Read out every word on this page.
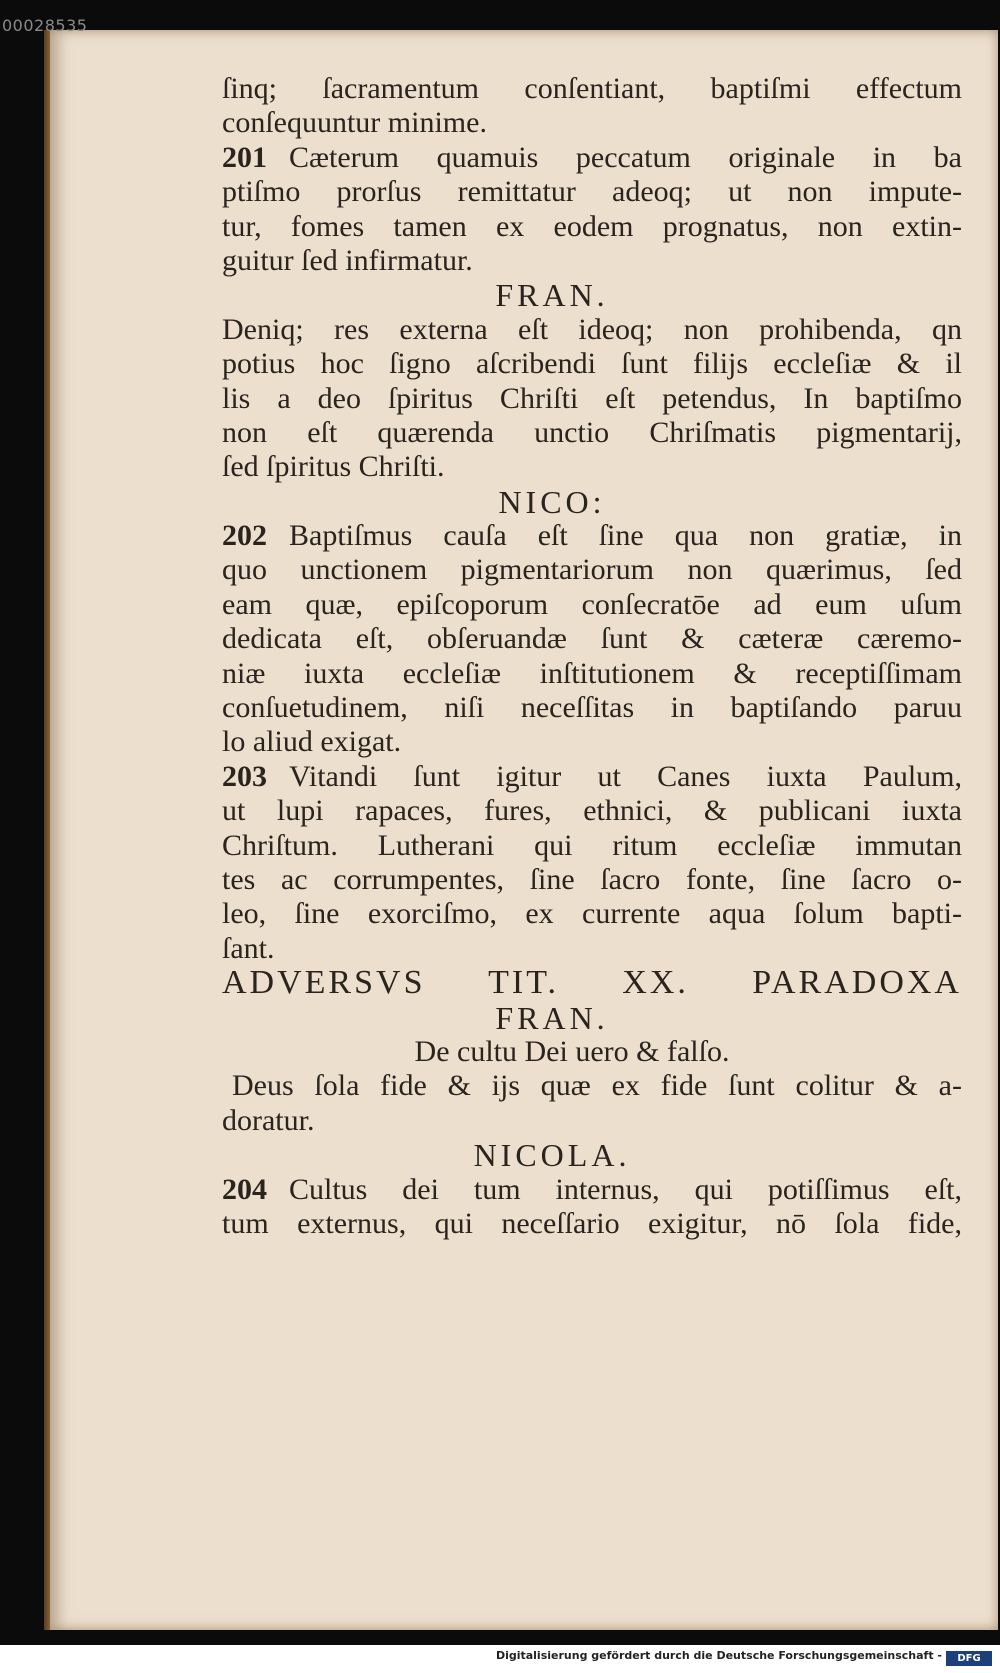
00028535
ſinq; ſacramentum conſentiant, baptiſmi effectum
conſequuntur minime.
201 Cæterum quamuis peccatum originale in ba
ptiſmo prorſus remittatur adeoq; ut non impute-
tur, fomes tamen ex eodem prognatus, non extin-
guitur ſed infirmatur.
FRAN.
Deniq; res externa eſt ideoq; non prohibenda, qn
potius hoc ſigno aſcribendi ſunt filijs eccleſiæ & il
lis a deo ſpiritus Chriſti eſt petendus, In baptiſmo
non eſt quærenda unctio Chriſmatis pigmentarij,
ſed ſpiritus Chriſti.
NICO:
202 Baptiſmus cauſa eſt ſine qua non gratiæ, in
quo unctionem pigmentariorum non quærimus, ſed
eam quæ, epiſcoporum conſecratōe ad eum uſum
dedicata eſt, obſeruandæ ſunt & cæteræ cæremo-
niæ iuxta eccleſiæ inſtitutionem & receptiſſimam
conſuetudinem, niſi neceſſitas in baptiſando paruu
lo aliud exigat.
203 Vitandi ſunt igitur ut Canes iuxta Paulum,
ut lupi rapaces, fures, ethnici, & publicani iuxta
Chriſtum. Lutherani qui ritum eccleſiæ immutan
tes ac corrumpentes, ſine ſacro fonte, ſine ſacro o-
leo, ſine exorciſmo, ex currente aqua ſolum bapti-
ſant.
ADVERSVS TIT. XX. PARADOXA
FRAN.
De cultu Dei uero & falſo.
Deus ſola fide & ijs quæ ex fide ſunt colitur & a-
doratur.
NICOLA.
204 Cultus dei tum internus, qui potiſſimus eſt,
tum externus, qui neceſſario exigitur, nō ſola fide,
Digitalisierung gefördert durch die Deutsche Forschungsgemeinschaft -	DFG
